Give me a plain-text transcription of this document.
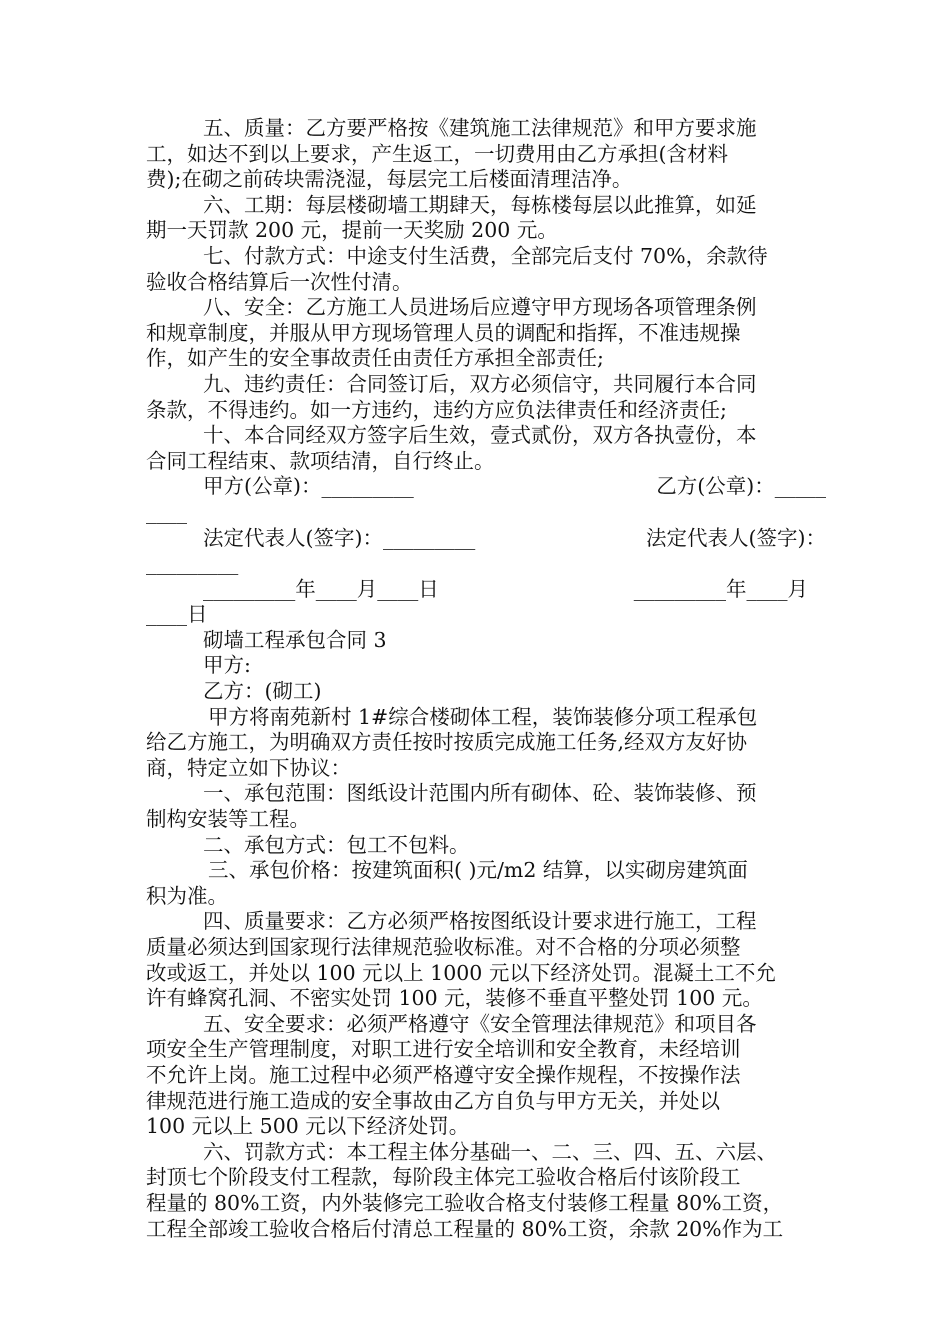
五、质量：乙方要严格按《建筑施工法律规范》和甲方要求施
工，如达不到以上要求，产生返工，一切费用由乙方承担(含材料
费);在砌之前砖块需浇湿，每层完工后楼面清理洁净。
六、工期：每层楼砌墙工期肆天，每栋楼每层以此推算，如延
期一天罚款 200 元，提前一天奖励 200 元。
七、付款方式：中途支付生活费，全部完后支付 70%，余款待
验收合格结算后一次性付清。
八、安全：乙方施工人员进场后应遵守甲方现场各项管理条例
和规章制度，并服从甲方现场管理人员的调配和指挥，不准违规操
作，如产生的安全事故责任由责任方承担全部责任;
九、违约责任：合同签订后，双方必须信守，共同履行本合同
条款，不得违约。如一方违约，违约方应负法律责任和经济责任;
十、本合同经双方签字后生效，壹式贰份，双方各执壹份，本
合同工程结束、款项结清，自行终止。
甲方(公章)：_________	乙方(公章)：_____
____
法定代表人(签字)：_________	法定代表人(签字)：
_________
_________年____月____日	_________年____月
____日
砌墙工程承包合同 3
甲方:
乙方：(砌工)
甲方将南苑新村 1#综合楼砌体工程，装饰装修分项工程承包
给乙方施工，为明确双方责任按时按质完成施工任务,经双方友好协
商，特定立如下协议：
一、承包范围：图纸设计范围内所有砌体、砼、装饰装修、预
制构安装等工程。
二、承包方式：包工不包料。
三、承包价格：按建筑面积( )元/m2 结算，以实砌房建筑面
积为准。
四、质量要求：乙方必须严格按图纸设计要求进行施工，工程
质量必须达到国家现行法律规范验收标准。对不合格的分项必须整
改或返工，并处以 100 元以上 1000 元以下经济处罚。混凝土工不允
许有蜂窝孔洞、不密实处罚 100 元，装修不垂直平整处罚 100 元。
五、安全要求：必须严格遵守《安全管理法律规范》和项目各
项安全生产管理制度，对职工进行安全培训和安全教育，未经培训
不允许上岗。施工过程中必须严格遵守安全操作规程，不按操作法
律规范进行施工造成的安全事故由乙方自负与甲方无关，并处以
100 元以上 500 元以下经济处罚。
六、罚款方式：本工程主体分基础一、二、三、四、五、六层、
封顶七个阶段支付工程款，每阶段主体完工验收合格后付该阶段工
程量的 80%工资，内外装修完工验收合格支付装修工程量 80%工资，
工程全部竣工验收合格后付清总工程量的 80%工资，余款 20%作为工
